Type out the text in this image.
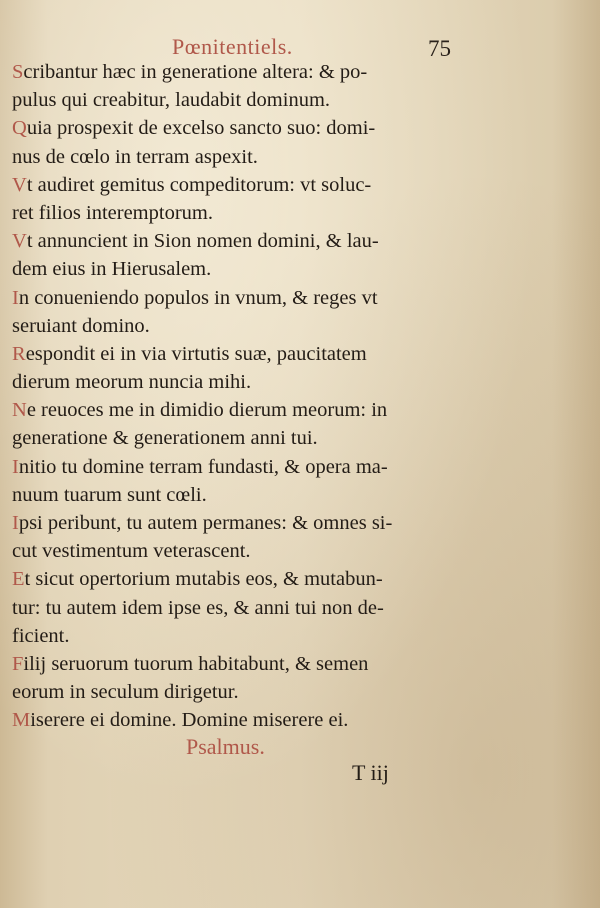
Pœnitentiels.	75
Scribantur hæc in generatione altera: & po-
pulus qui creabitur, laudabit dominum.
Quia prospexit de excelso sancto suo: domi-
nus de cœlo in terram aspexit.
Vt audiret gemitus compeditorum: vt soluc-
ret filios interemptorum.
Vt annuncient in Sion nomen domini, & lau-
dem eius in Hierusalem.
In conueniendo populos in vnum, & reges vt
seruiant domino.
Respondit ei in via virtutis suæ, paucitatem
dierum meorum nuncia mihi.
Ne reuoces me in dimidio dierum meorum: in
generatione & generationem anni tui.
Initio tu domine terram fundasti, & opera ma-
nuum tuarum sunt cœli.
Ipsi peribunt, tu autem permanes: & omnes si-
cut vestimentum veterascent.
Et sicut opertorium mutabis eos, & mutabun-
tur: tu autem idem ipse es, & anni tui non de-
ficient.
Filij seruorum tuorum habitabunt, & semen
eorum in seculum dirigetur.
Miserere ei domine. Domine miserere ei.
Psalmus.
T iij
